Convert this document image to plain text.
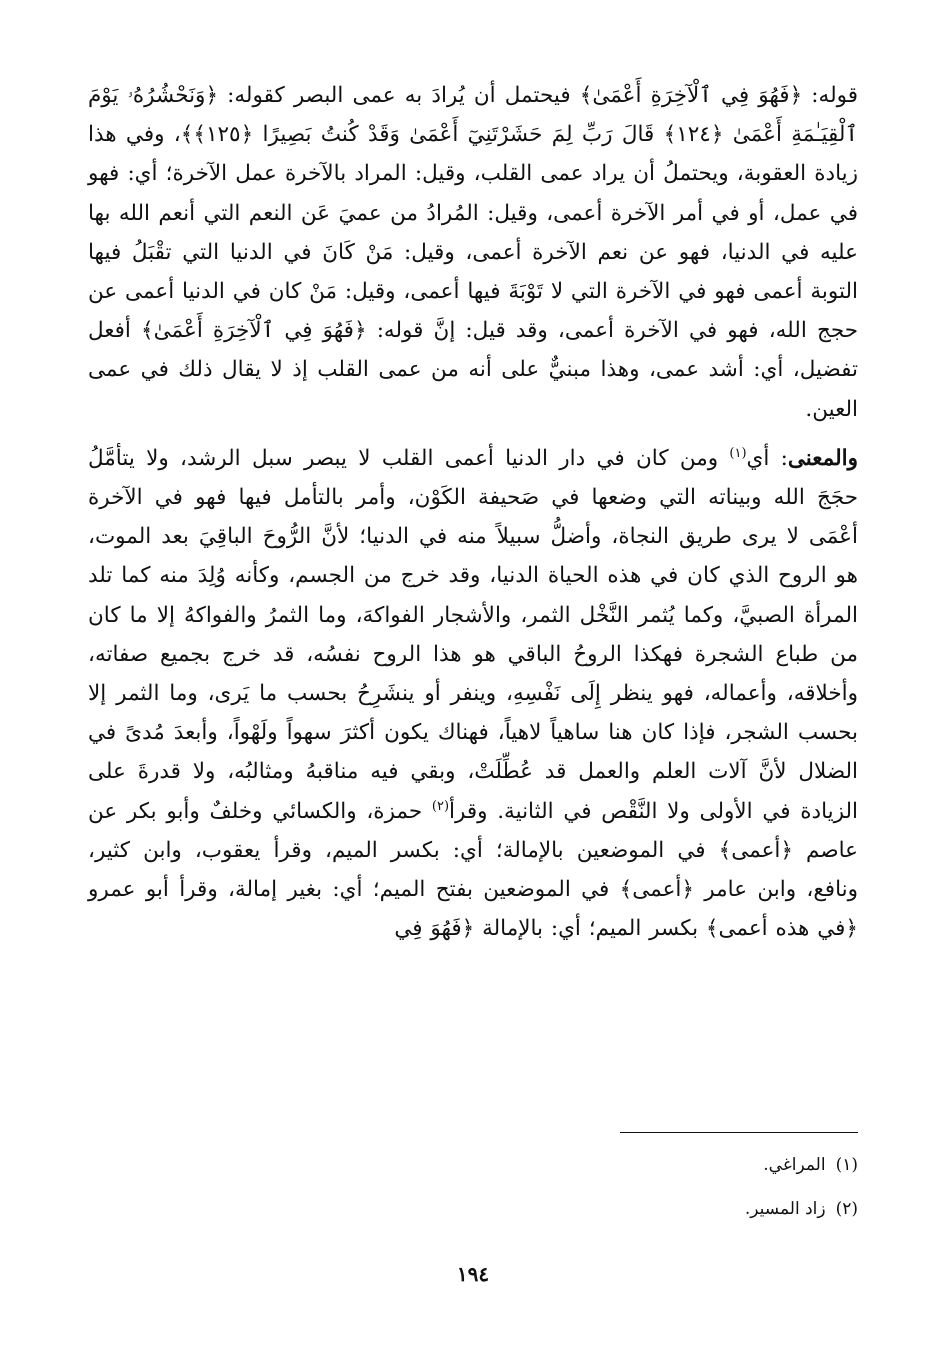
قوله: ﴿فَهُوَ فِي ٱلْآخِرَةِ أَعْمَىٰ﴾ فيحتمل أن يُرادَ به عمى البصر كقوله: ﴿وَنَحْشُرُهُۥ يَوْمَ ٱلْقِيَـٰمَةِ أَعْمَىٰ ﴿١٢٤﴾ قَالَ رَبِّ لِمَ حَشَرْتَنِيٓ أَعْمَىٰ وَقَدْ كُنتُ بَصِيرًا ﴿١٢٥﴾﴾، وفي هذا زيادة العقوبة، ويحتملُ أن يراد عمى القلب، وقيل: المراد بالآخرة عمل الآخرة؛ أي: فهو في عمل، أو في أمر الآخرة أعمى، وقيل: المُرادُ من عميَ عَن النعم التي أنعم الله بها عليه في الدنيا، فهو عن نعم الآخرة أعمى، وقيل: مَنْ كَانَ في الدنيا التي تقْبَلُ فيها التوبة أعمى فهو في الآخرة التي لا تَوْبَةَ فيها أعمى، وقيل: مَنْ كان في الدنيا أعمى عن حجج الله، فهو في الآخرة أعمى، وقد قيل: إنَّ قوله: ﴿فَهُوَ فِي ٱلْآخِرَةِ أَعْمَىٰ﴾ أفعل تفضيل، أي: أشد عمى، وهذا مبنيٌّ على أنه من عمى القلب إذ لا يقال ذلك في عمى العين.

والمعنى: أي$^{(١)}$ ومن كان في دار الدنيا أعمى القلب لا يبصر سبل الرشد، ولا يتأمَّلُ حجَجَ الله وبيناته التي وضعها في صَحيفة الكَوْن، وأمر بالتأمل فيها فهو في الآخرة أعْمَى لا يرى طريق النجاة، وأضلُّ سبيلاً منه في الدنيا؛ لأنَّ الرُّوحَ الباقِيَ بعد الموت، هو الروح الذي كان في هذه الحياة الدنيا، وقد خرج من الجسم، وكأنه وُلِدَ منه كما تلد المرأة الصبيَّ، وكما يُثمر النَّخْل الثمر، والأشجار الفواكهَ، وما الثمرُ والفواكهُ إلا ما كان من طباع الشجرة فهكذا الروحُ الباقي هو هذا الروح نفسُه، قد خرج بجميع صفاته، وأخلاقه، وأعماله، فهو ينظر إِلَى نَفْسِهِ، وينفر أو ينشَرِحُ بحسب ما يَرى، وما الثمر إلا بحسب الشجر، فإذا كان هنا ساهياً لاهياً، فهناك يكون أكثرَ سهواً ولَهْواً، وأبعدَ مُدىً في الضلال لأنَّ آلات العلم والعمل قد عُطِّلَتْ، وبقي فيه مناقبهُ ومثالبُه، ولا قدرةَ على الزيادة في الأولى ولا النَّقْص في الثانية. وقرأ$^{(٢)}$ حمزة، والكسائي وخلفٌ وأبو بكر عن عاصم ﴿أعمى﴾ في الموضعين بالإمالة؛ أي: بكسر الميم، وقرأ يعقوب، وابن كثير، ونافع، وابن عامر ﴿أعمى﴾ في الموضعين بفتح الميم؛ أي: بغير إمالة، وقرأ أبو عمرو ﴿في هذه أعمى﴾ بكسر الميم؛ أي: بالإمالة ﴿فَهُوَ فِي

(١)
المراغي.
(٢)
زاد المسير.
١٩٤
